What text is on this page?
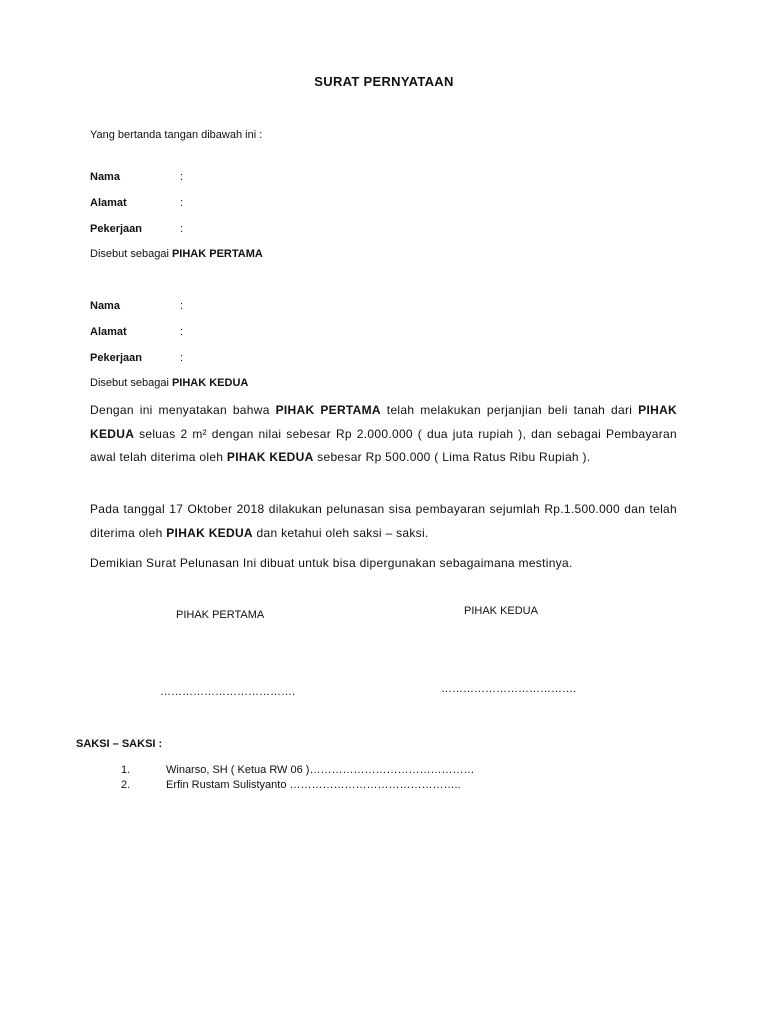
SURAT PERNYATAAN
Yang bertanda tangan dibawah ini :
Nama	:
Alamat	:
Pekerjaan	:
Disebut sebagai PIHAK PERTAMA
Nama	:
Alamat	:
Pekerjaan	:
Disebut sebagai PIHAK KEDUA
Dengan ini menyatakan bahwa PIHAK PERTAMA telah melakukan perjanjian beli tanah dari PIHAK KEDUA seluas 2 m² dengan nilai sebesar Rp 2.000.000 ( dua juta rupiah ), dan sebagai Pembayaran awal telah diterima oleh PIHAK KEDUA sebesar Rp 500.000 ( Lima Ratus Ribu Rupiah ).
Pada tanggal 17 Oktober 2018 dilakukan pelunasan sisa pembayaran sejumlah Rp.1.500.000 dan telah diterima oleh PIHAK KEDUA dan ketahui oleh saksi – saksi.
Demikian Surat Pelunasan Ini dibuat untuk bisa dipergunakan sebagaimana mestinya.
PIHAK PERTAMA	PIHAK KEDUA
……………………………….	……………………………….
SAKSI – SAKSI :
1.	Winarso, SH ( Ketua RW 06 )………………………………………
2.	Erfin Rustam Sulistyanto ………………………………………..
